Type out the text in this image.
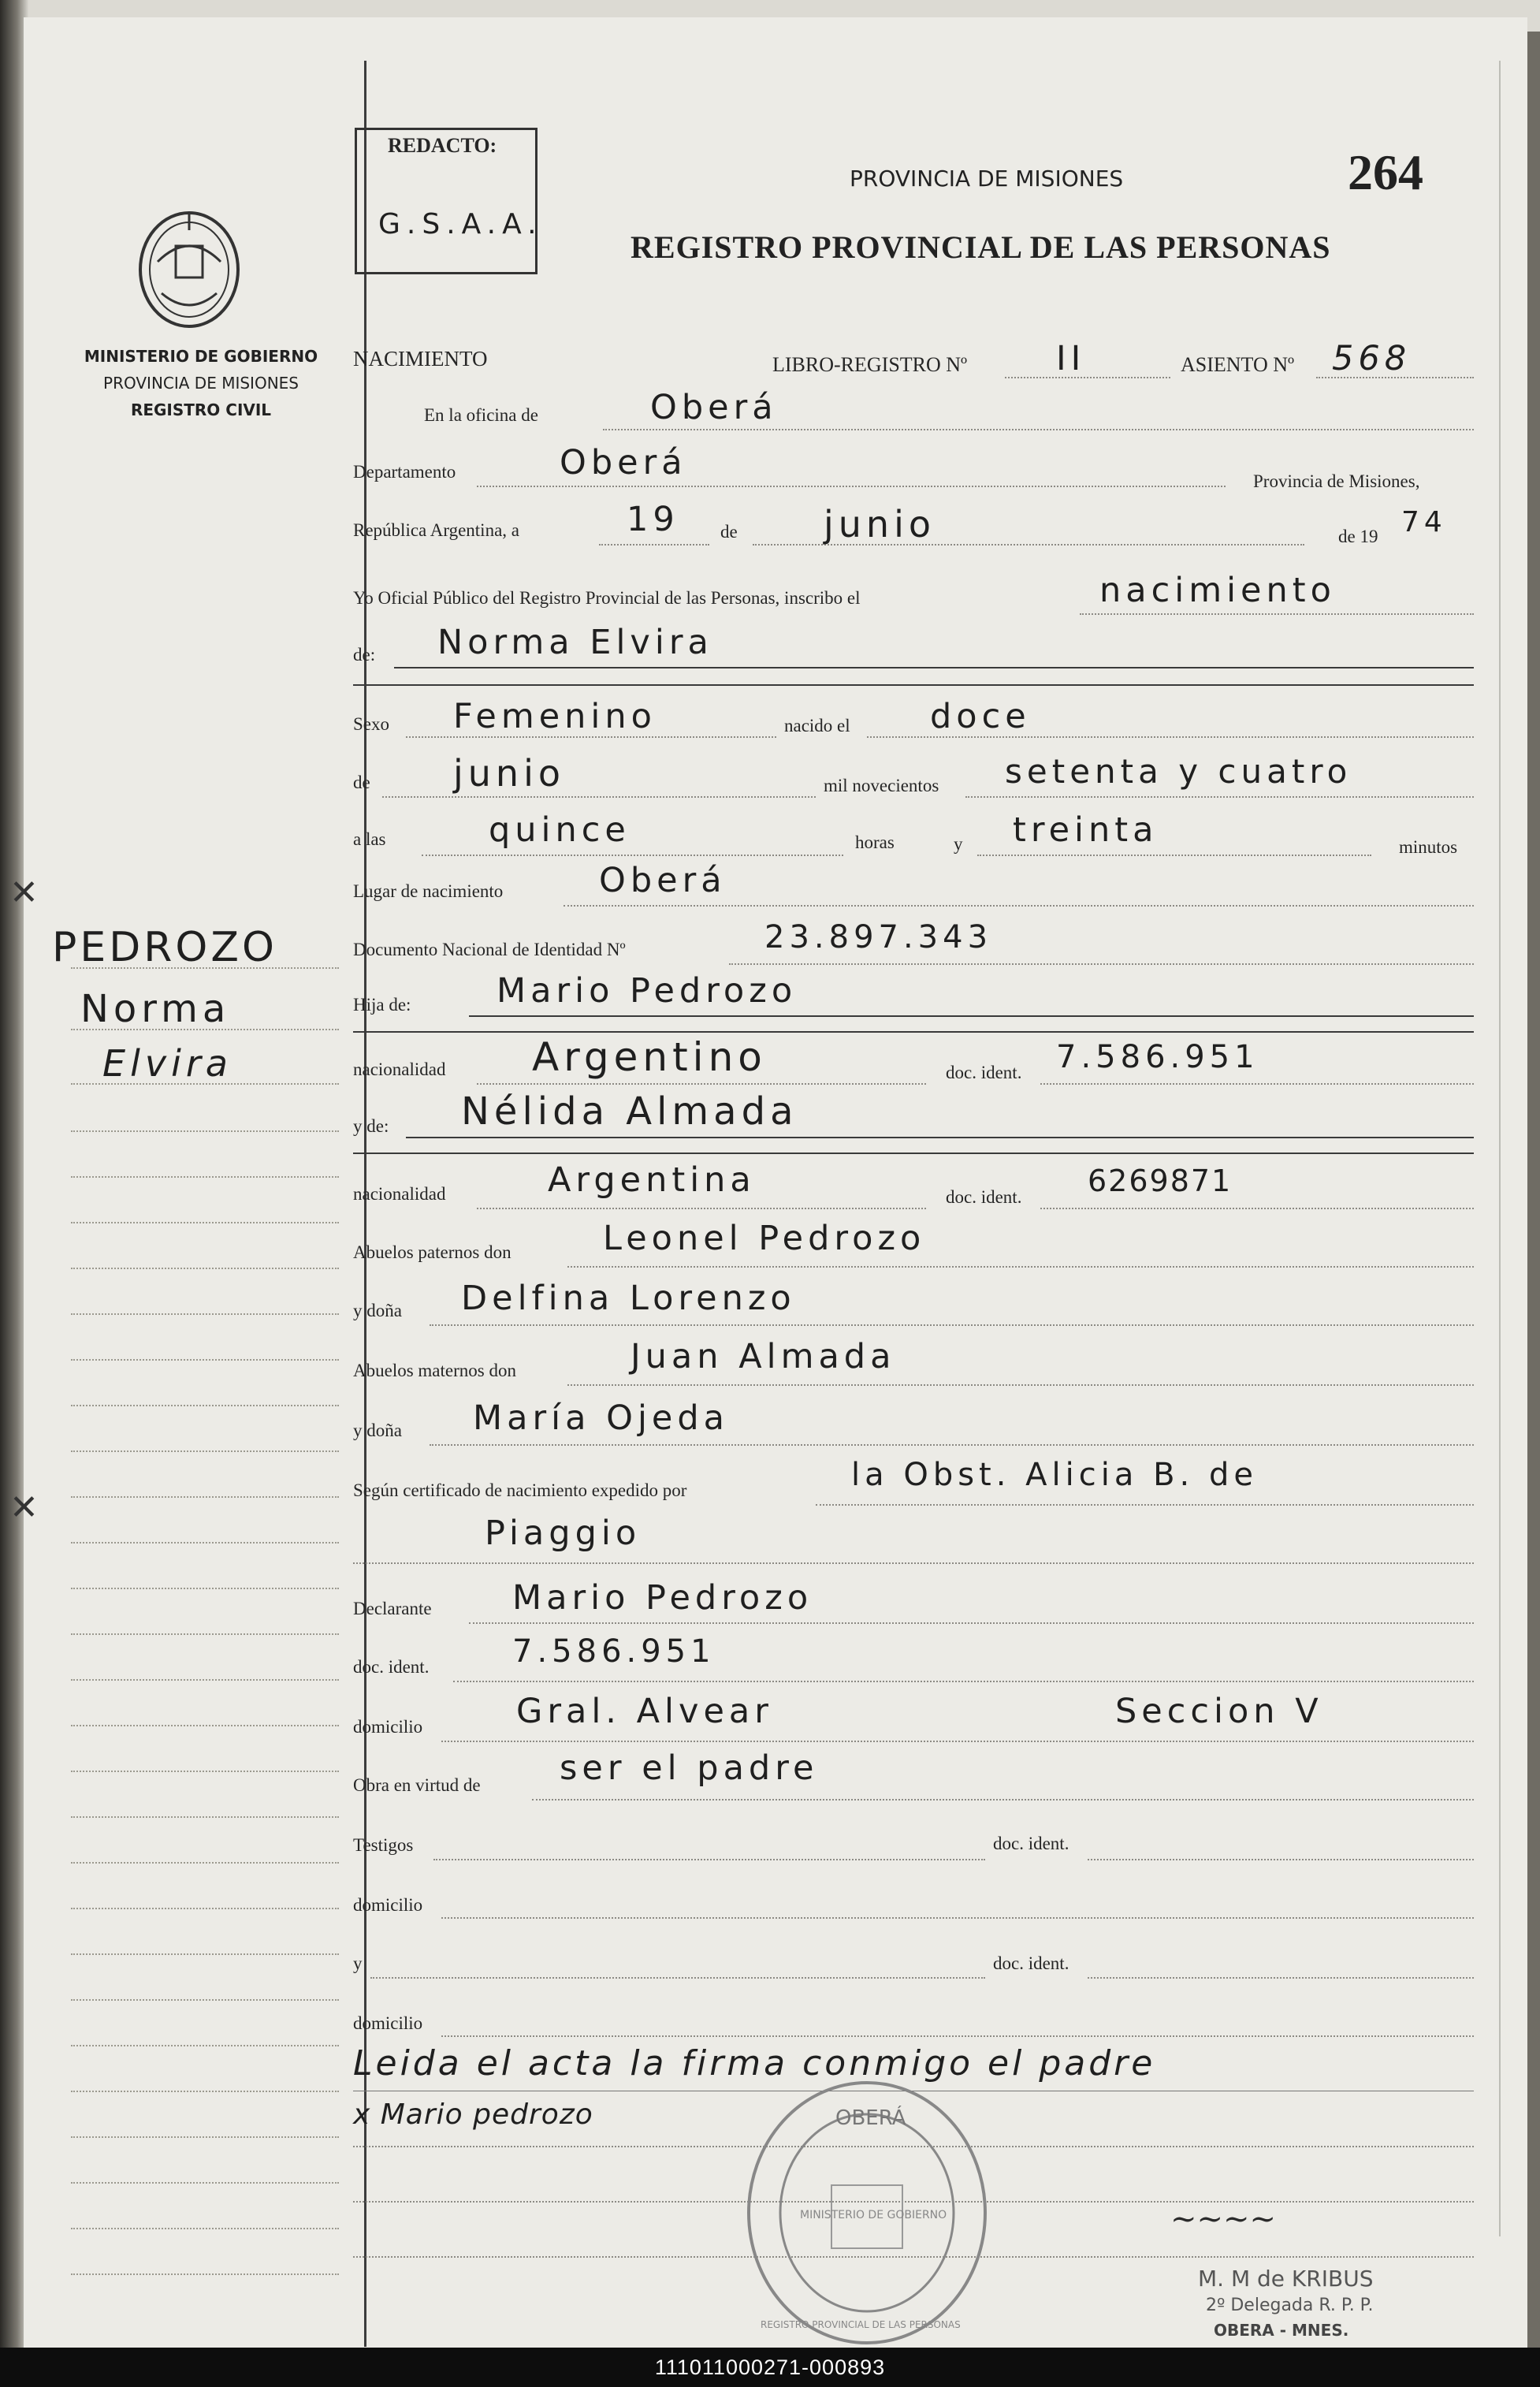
MINISTERIO DE GOBIERNO
PROVINCIA DE MISIONES
REGISTRO CIVIL
REDACTO:
G.S.A.A.
PROVINCIA DE MISIONES
REGISTRO PROVINCIAL DE LAS PERSONAS
264
PEDROZO
Norma
Elvira
✕
✕
NACIMIENTO	LIBRO-REGISTRO Nº	II	ASIENTO Nº 568
En la oficina de	Oberá
Departamento	Oberá	Provincia de Misiones,
República Argentina, a	19 de junio	de 19 74
Yo Oficial Público del Registro Provincial de las Personas, inscribo el	nacimiento
de: Norma Elvira
Sexo Femenino	nacido el doce
de junio	mil novecientos setenta y cuatro
a las	quince	horas	y treinta	minutos
Lugar de nacimiento	Oberá
Documento Nacional de Identidad Nº	23.897.343
Hija de:	Mario Pedrozo
nacionalidad Argentino	doc. ident. 7.586.951
y de: Nélida Almada
nacionalidad	Argentina	doc. ident. 6269871
Abuelos paternos don	Leonel Pedrozo
y doña Delfina Lorenzo
Abuelos maternos don	Juan Almada
y doña María Ojeda
Según certificado de nacimiento expedido por	la Obst. Alicia B. de
Piaggio
Declarante Mario Pedrozo
doc. ident.	7.586.951
domicilio	Gral. Alvear	Seccion V
Obra en virtud de ser el padre
Testigos	doc. ident.
domicilio
y	doc. ident.
domicilio
Leida el acta la firma conmigo el padre
x Mario pedrozo	OBERÁ
REGISTRO PROVINCIAL DE LAS PERSONAS
MINISTERIO DE GOBIERNO	~~~~
M. M de KRIBUS
2º Delegada R. P. P.
OBERA - MNES.
111011000271-000893
